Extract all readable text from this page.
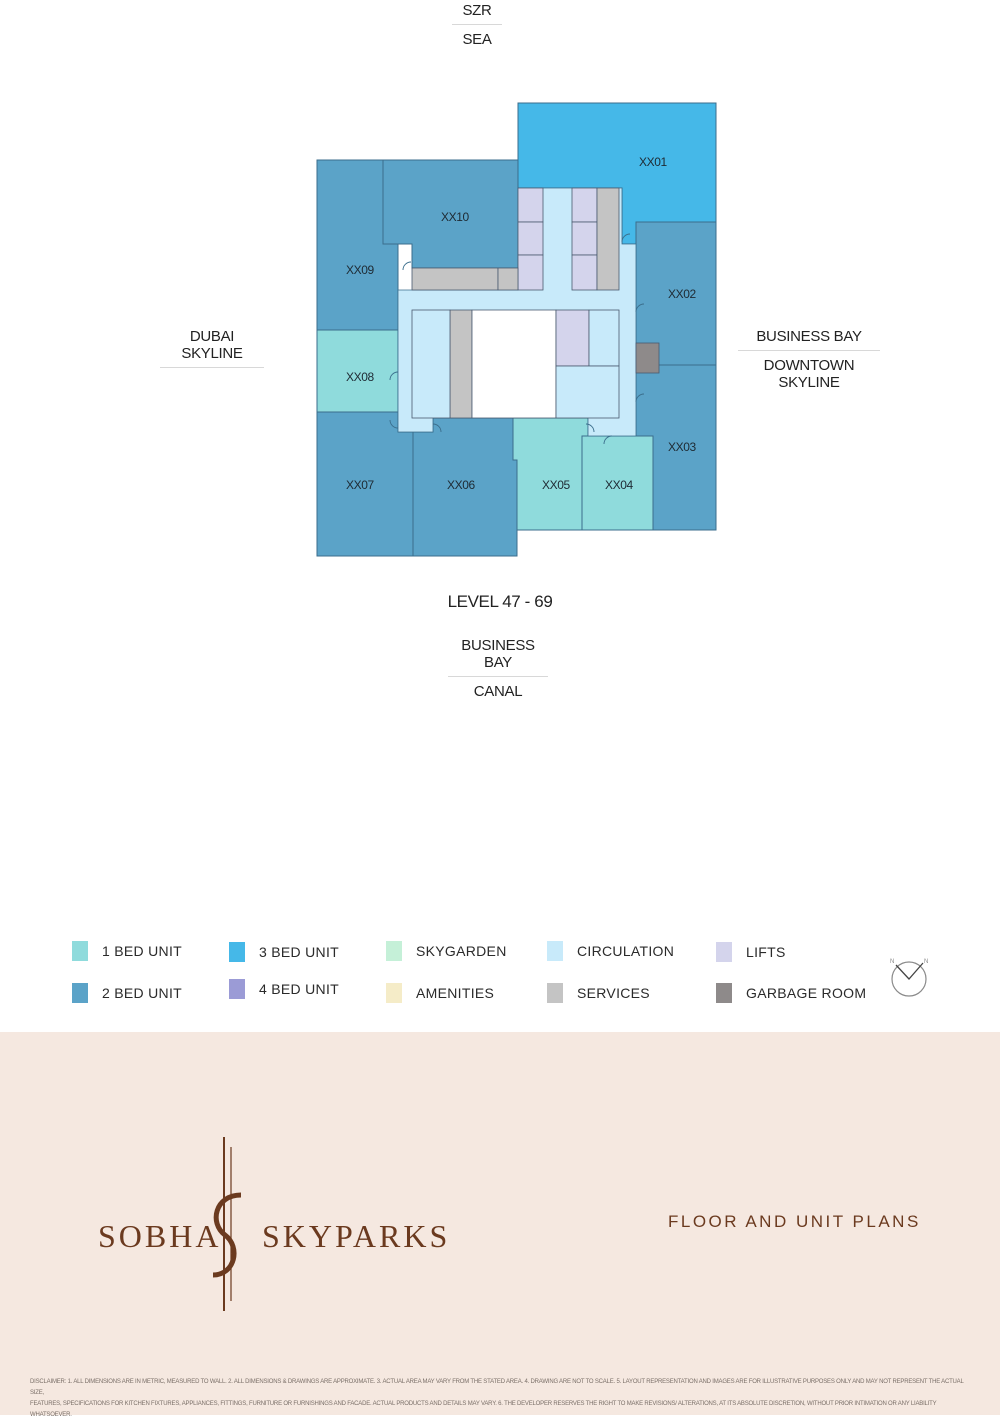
SZR
SEA
DUBAI SKYLINE
BUSINESS BAY
DOWNTOWN SKYLINE
XX01
XX10
XX09
XX02
XX08
XX03
XX07	XX06	XX05	XX04
LEVEL 47 - 69
BUSINESS BAY
CANAL
1 BED UNIT
2 BED UNIT
3 BED UNIT
4 BED UNIT
SKYGARDEN
AMENITIES
CIRCULATION
SERVICES
LIFTS
GARBAGE ROOM
N	N
SOBHA SKYPARKS	FLOOR AND UNIT PLANS
DISCLAIMER: 1. ALL DIMENSIONS ARE IN METRIC, MEASURED TO WALL. 2. ALL DIMENSIONS & DRAWINGS ARE APPROXIMATE. 3. ACTUAL AREA MAY VARY FROM THE STATED AREA. 4. DRAWING ARE NOT TO SCALE. 5. LAYOUT REPRESENTATION AND IMAGES ARE FOR ILLUSTRATIVE PURPOSES ONLY AND MAY NOT REPRESENT THE ACTUAL SIZE,
FEATURES, SPECIFICATIONS FOR KITCHEN FIXTURES, APPLIANCES, FITTINGS, FURNITURE OR FURNISHINGS AND FACADE. ACTUAL PRODUCTS AND DETAILS MAY VARY. 6. THE DEVELOPER RESERVES THE RIGHT TO MAKE REVISIONS/ ALTERATIONS, AT ITS ABSOLUTE DISCRETION, WITHOUT PRIOR INTIMATION OR ANY LIABILITY WHATSOEVER.
